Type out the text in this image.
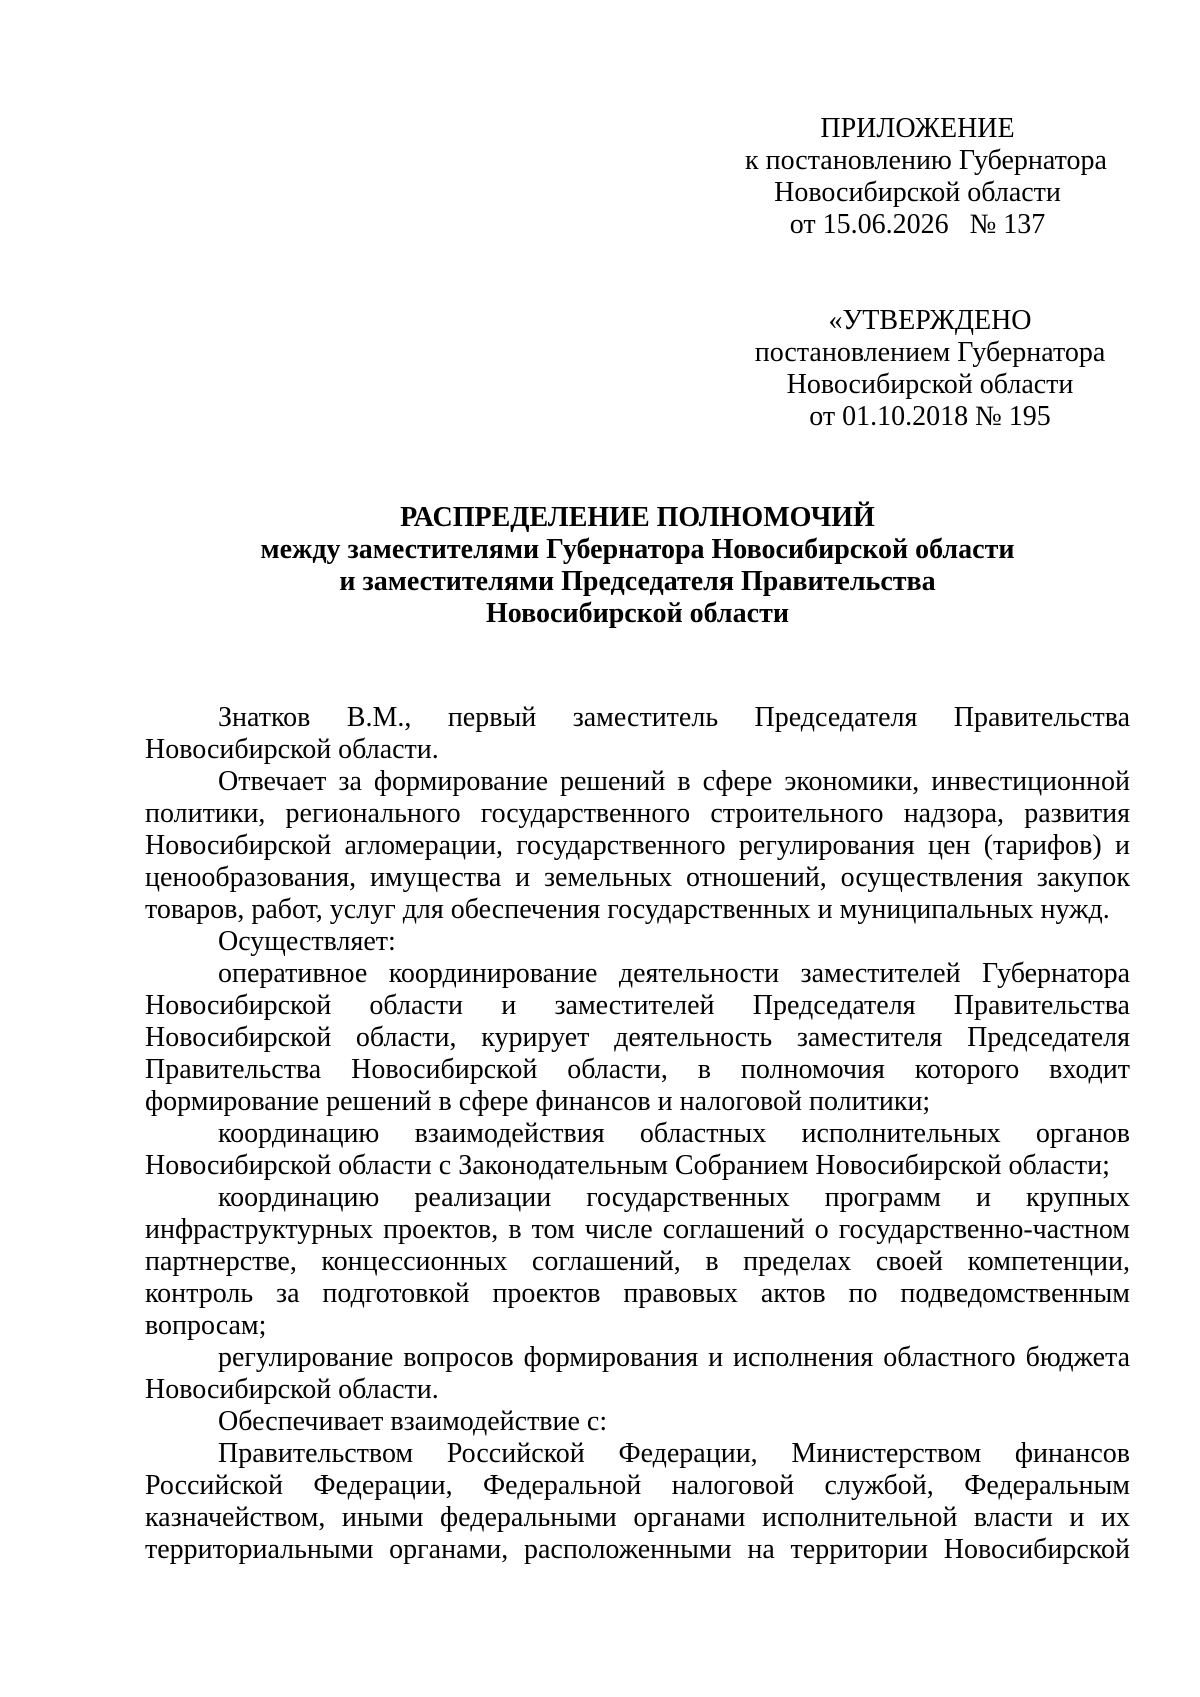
ПРИЛОЖЕНИЕ
к постановлению Губернатора
Новосибирской области
от 15.06.2026   № 137
«УТВЕРЖДЕНО
постановлением Губернатора
Новосибирской области
от 01.10.2018 № 195
РАСПРЕДЕЛЕНИЕ ПОЛНОМОЧИЙ
между заместителями Губернатора Новосибирской области
и заместителями Председателя Правительства
Новосибирской области

Знатков В.М., первый заместитель Председателя Правительства Новосибирской области.

Отвечает за формирование решений в сфере экономики, инвестиционной политики, регионального государственного строительного надзора, развития Новосибирской агломерации, государственного регулирования цен (тарифов) и ценообразования, имущества и земельных отношений, осуществления закупок товаров, работ, услуг для обеспечения государственных и муниципальных нужд.

Осуществляет:

оперативное координирование деятельности заместителей Губернатора Новосибирской области и заместителей Председателя Правительства Новосибирской области, курирует деятельность заместителя Председателя Правительства Новосибирской области, в полномочия которого входит формирование решений в сфере финансов и налоговой политики;

координацию взаимодействия областных исполнительных органов Новосибирской области с Законодательным Собранием Новосибирской области;

координацию реализации государственных программ и крупных инфраструктурных проектов, в том числе соглашений о государственно-частном партнерстве, концессионных соглашений, в пределах своей компетенции, контроль за подготовкой проектов правовых актов по подведомственным вопросам;

регулирование вопросов формирования и исполнения областного бюджета Новосибирской области.

Обеспечивает взаимодействие с:

Правительством Российской Федерации, Министерством финансов Российской Федерации, Федеральной налоговой службой, Федеральным казначейством, иными федеральными органами исполнительной власти и их территориальными органами, расположенными на территории Новосибирской
